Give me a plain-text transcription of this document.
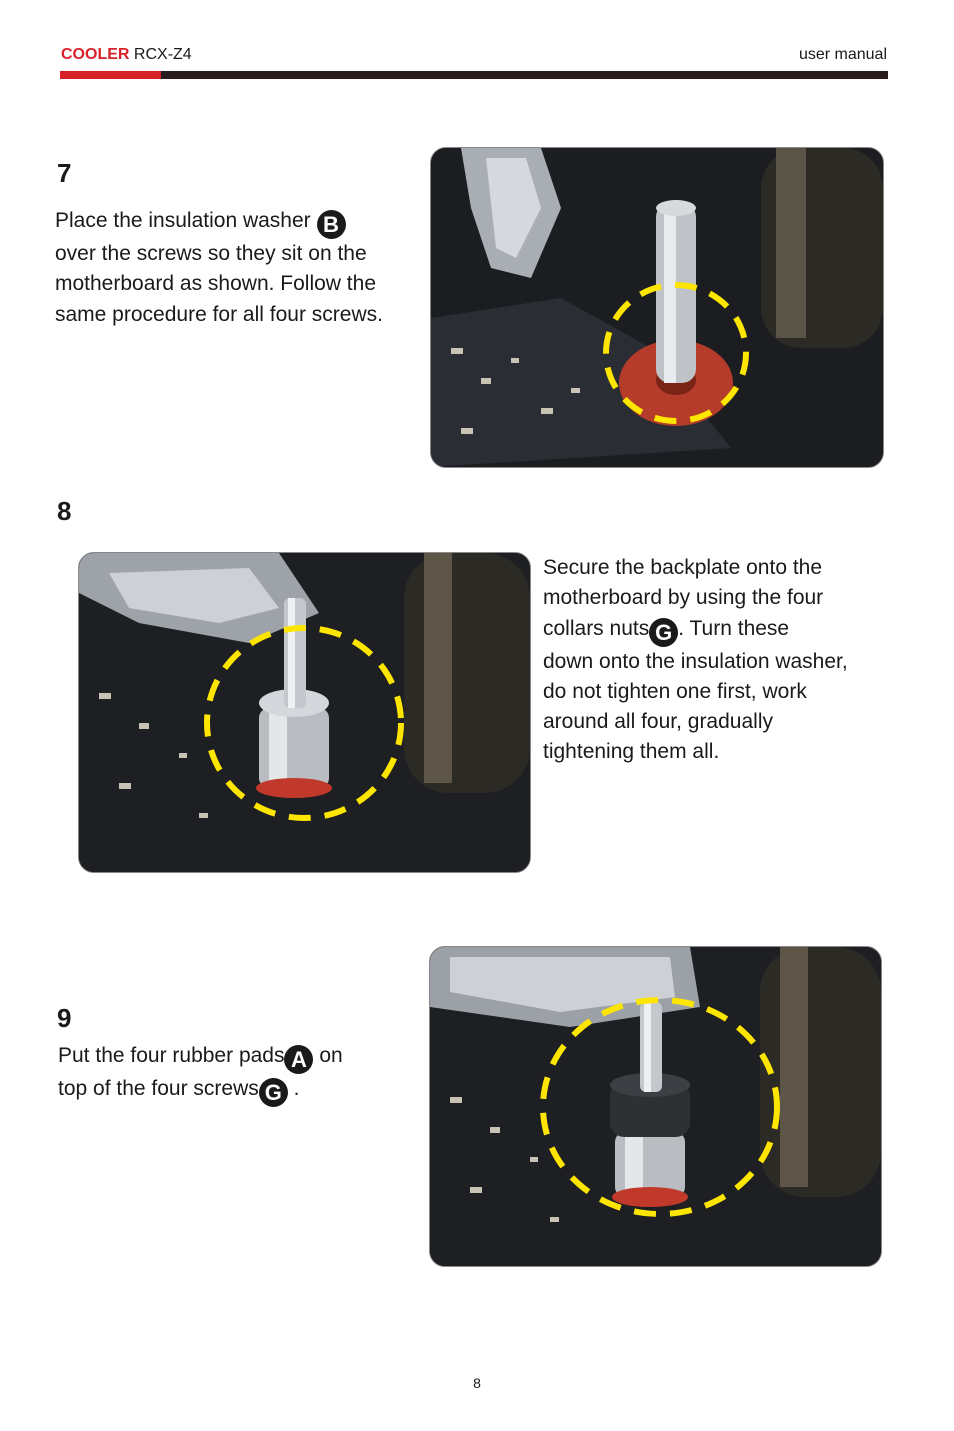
COOLER RCX-Z4	user manual
7
Place the insulation washer B
over the screws so they sit on the
motherboard as shown. Follow the
same procedure for all four screws.
8
Secure the backplate onto the
motherboard by using the four
collars nuts G . Turn these
down onto the insulation washer,
do not tighten one first, work
around all four, gradually
tightening them all.
9
Put the four rubber pads A on
top of the four screws G .
8
